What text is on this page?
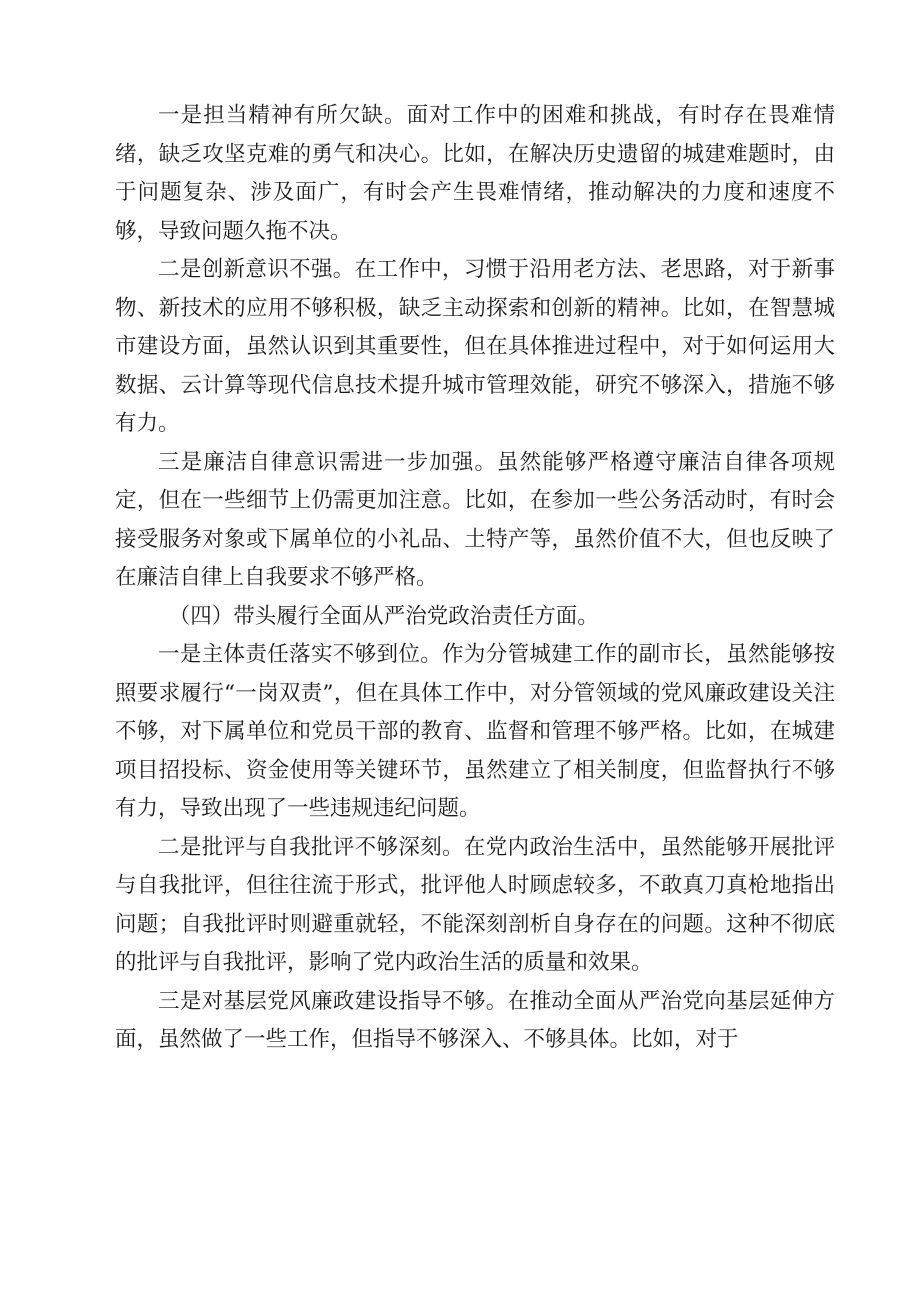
一是担当精神有所欠缺。面对工作中的困难和挑战，有时存在畏难情绪，缺乏攻坚克难的勇气和决心。比如，在解决历史遗留的城建难题时，由于问题复杂、涉及面广，有时会产生畏难情绪，推动解决的力度和速度不够，导致问题久拖不决。

二是创新意识不强。在工作中，习惯于沿用老方法、老思路，对于新事物、新技术的应用不够积极，缺乏主动探索和创新的精神。比如，在智慧城市建设方面，虽然认识到其重要性，但在具体推进过程中，对于如何运用大数据、云计算等现代信息技术提升城市管理效能，研究不够深入，措施不够有力。

三是廉洁自律意识需进一步加强。虽然能够严格遵守廉洁自律各项规定，但在一些细节上仍需更加注意。比如，在参加一些公务活动时，有时会接受服务对象或下属单位的小礼品、土特产等，虽然价值不大，但也反映了在廉洁自律上自我要求不够严格。

（四）带头履行全面从严治党政治责任方面。

一是主体责任落实不够到位。作为分管城建工作的副市长，虽然能够按照要求履行“一岗双责”，但在具体工作中，对分管领域的党风廉政建设关注不够，对下属单位和党员干部的教育、监督和管理不够严格。比如，在城建项目招投标、资金使用等关键环节，虽然建立了相关制度，但监督执行不够有力，导致出现了一些违规违纪问题。

二是批评与自我批评不够深刻。在党内政治生活中，虽然能够开展批评与自我批评，但往往流于形式，批评他人时顾虑较多，不敢真刀真枪地指出问题；自我批评时则避重就轻，不能深刻剖析自身存在的问题。这种不彻底的批评与自我批评，影响了党内政治生活的质量和效果。

三是对基层党风廉政建设指导不够。在推动全面从严治党向基层延伸方面，虽然做了一些工作，但指导不够深入、不够具体。比如，对于
